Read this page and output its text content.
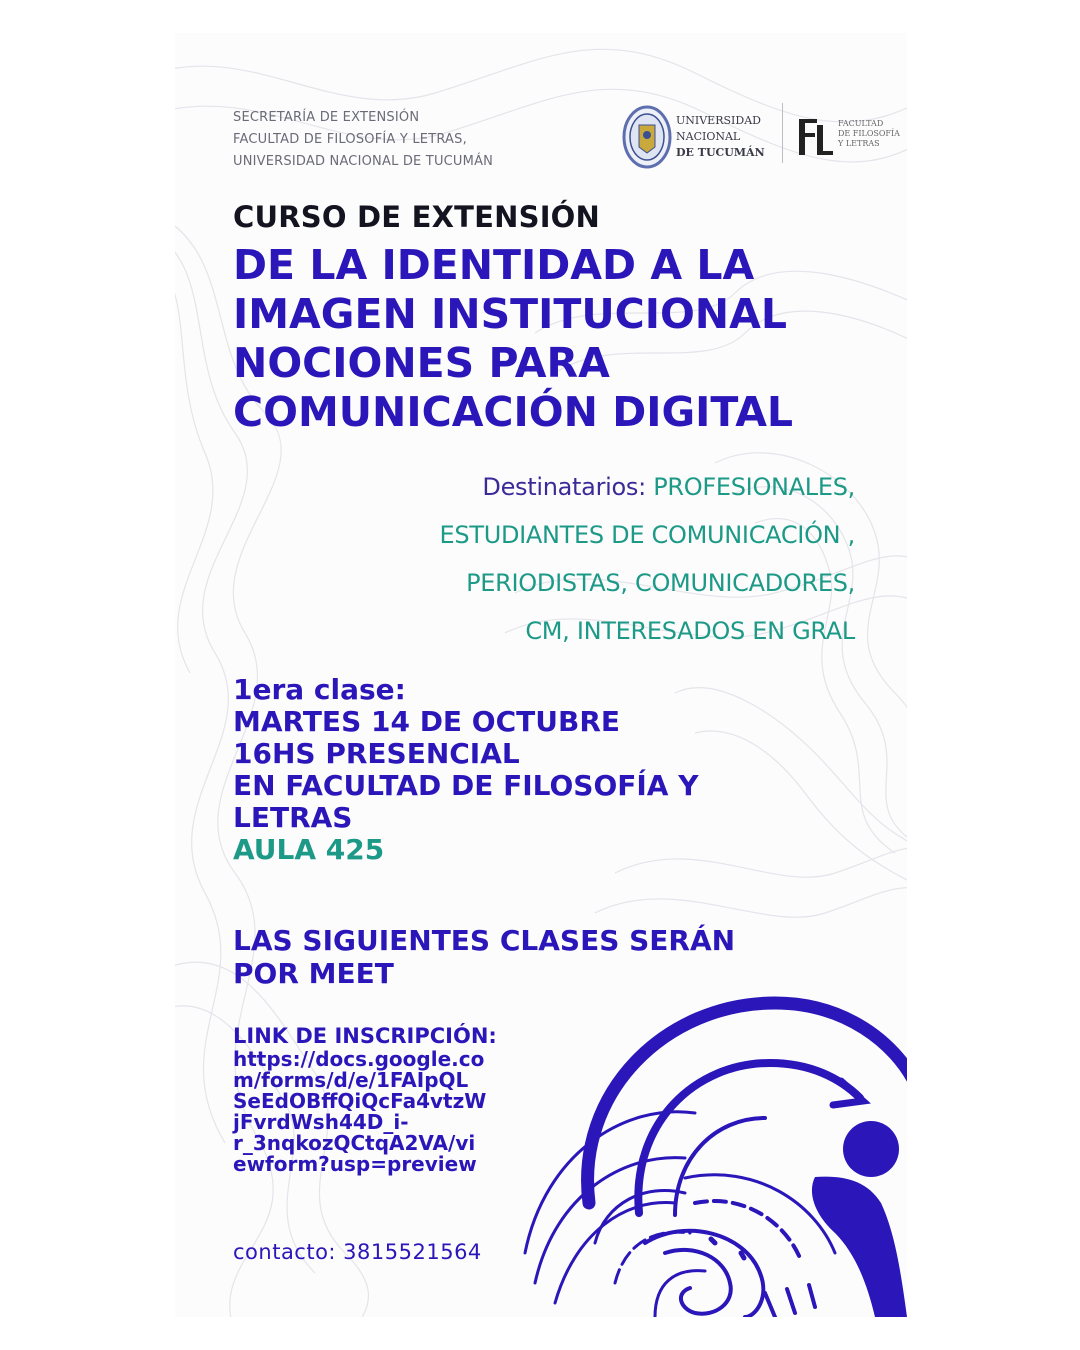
SECRETARÍA DE EXTENSIÓN
FACULTAD DE FILOSOFÍA Y LETRAS,
UNIVERSIDAD NACIONAL DE TUCUMÁN
UNIVERSIDAD
NACIONAL
DE TUCUMÁN
FACULTAD
DE FILOSOFÍA
Y LETRAS
CURSO DE EXTENSIÓN
DE LA IDENTIDAD A LA
IMAGEN INSTITUCIONAL
NOCIONES PARA
COMUNICACIÓN DIGITAL
Destinatarios: PROFESIONALES,
ESTUDIANTES DE COMUNICACIÓN ,
PERIODISTAS, COMUNICADORES,
CM, INTERESADOS EN GRAL
1era clase:
MARTES 14 DE OCTUBRE
16HS PRESENCIAL
EN FACULTAD DE FILOSOFÍA Y
LETRAS
AULA 425
LAS SIGUIENTES CLASES SERÁN
POR MEET
LINK DE INSCRIPCIÓN:
https://docs.google.co
m/forms/d/e/1FAIpQL
SeEdOBffQiQcFa4vtzW
jFvrdWsh44D_i-
r_3nqkozQCtqA2VA/vi
ewform?usp=preview
contacto: 3815521564
